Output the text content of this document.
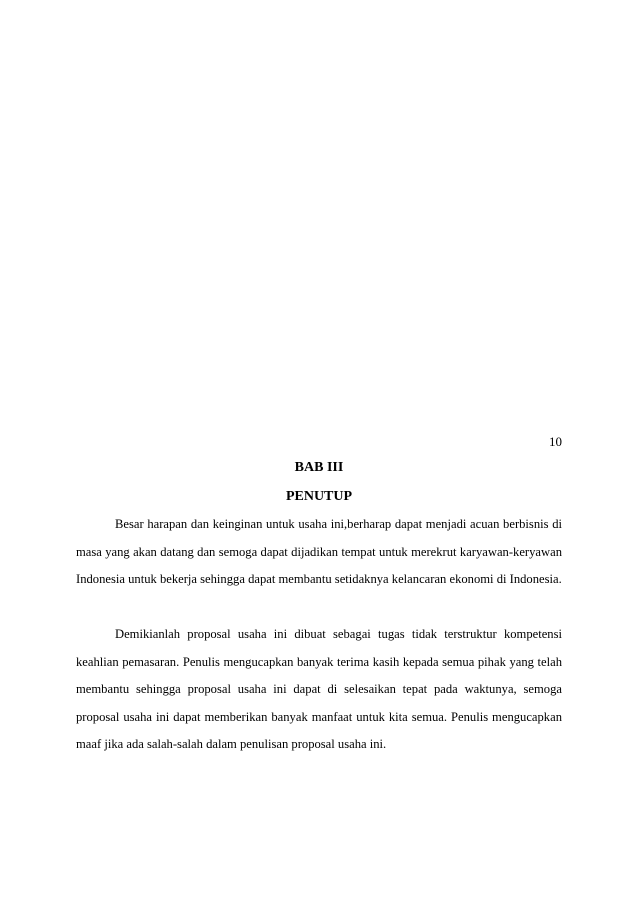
10
BAB III
PENUTUP

Besar harapan dan keinginan untuk usaha ini,berharap dapat menjadi acuan berbisnis di masa yang akan datang dan semoga dapat dijadikan tempat untuk merekrut karyawan-keryawan Indonesia untuk bekerja sehingga dapat membantu setidaknya kelancaran ekonomi di Indonesia.

Demikianlah proposal usaha ini dibuat sebagai tugas tidak terstruktur kompetensi keahlian pemasaran. Penulis mengucapkan banyak terima kasih kepada semua pihak yang telah membantu sehingga proposal usaha ini dapat di selesaikan tepat pada waktunya, semoga proposal usaha ini dapat memberikan banyak manfaat untuk kita semua. Penulis mengucapkan maaf jika ada salah-salah dalam penulisan proposal usaha ini.
